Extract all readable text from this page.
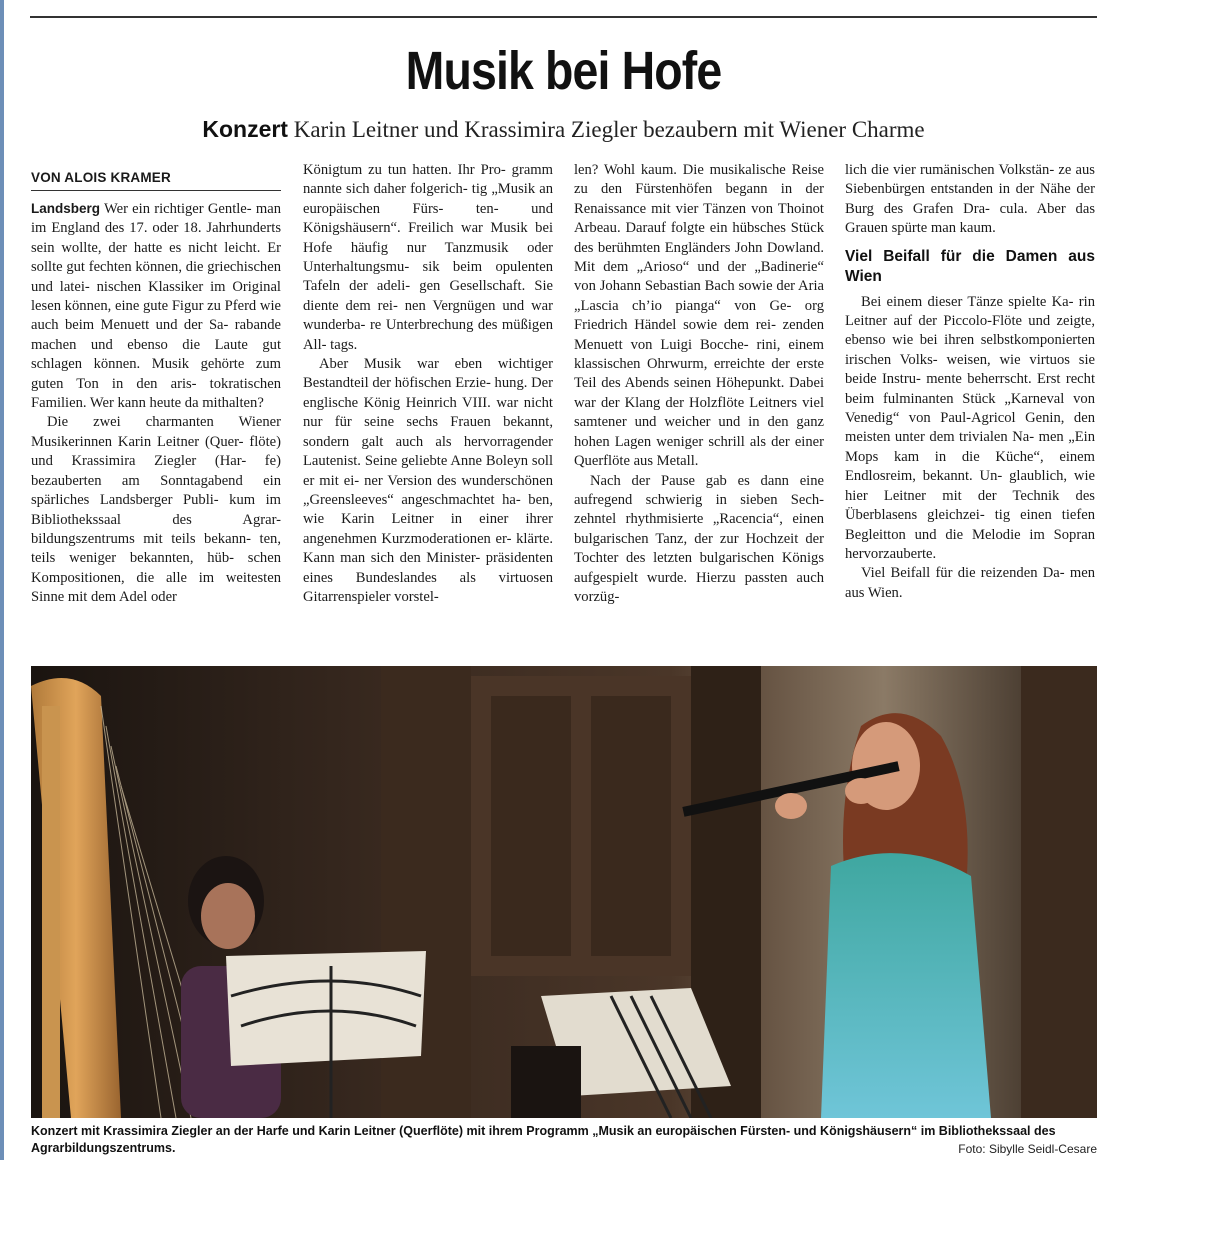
Musik bei Hofe
Konzert Karin Leitner und Krassimira Ziegler bezaubern mit Wiener Charme
VON ALOIS KRAMER

Landsberg Wer ein richtiger Gentle- man im England des 17. oder 18. Jahrhunderts sein wollte, der hatte es nicht leicht. Er sollte gut fechten können, die griechischen und latei- nischen Klassiker im Original lesen können, eine gute Figur zu Pferd wie auch beim Menuett und der Sa- rabande machen und ebenso die Laute gut schlagen können. Musik gehörte zum guten Ton in den aris- tokratischen Familien. Wer kann heute da mithalten?

Die zwei charmanten Wiener Musikerinnen Karin Leitner (Quer- flöte) und Krassimira Ziegler (Har- fe) bezauberten am Sonntagabend ein spärliches Landsberger Publi- kum im Bibliothekssaal des Agrar- bildungszentrums mit teils bekann- ten, teils weniger bekannten, hüb- schen Kompositionen, die alle im weitesten Sinne mit dem Adel oder

Königtum zu tun hatten. Ihr Pro- gramm nannte sich daher folgerich- tig „Musik an europäischen Fürs- ten- und Königshäusern“. Freilich war Musik bei Hofe häufig nur Tanzmusik oder Unterhaltungsmu- sik beim opulenten Tafeln der adeli- gen Gesellschaft. Sie diente dem rei- nen Vergnügen und war wunderba- re Unterbrechung des müßigen All- tags.

Aber Musik war eben wichtiger Bestandteil der höfischen Erzie- hung. Der englische König Heinrich VIII. war nicht nur für seine sechs Frauen bekannt, sondern galt auch als hervorragender Lautenist. Seine geliebte Anne Boleyn soll er mit ei- ner Version des wunderschönen „Greensleeves“ angeschmachtet ha- ben, wie Karin Leitner in einer ihrer angenehmen Kurzmoderationen er- klärte. Kann man sich den Minister- präsidenten eines Bundeslandes als virtuosen Gitarrenspieler vorstel-

len? Wohl kaum. Die musikalische Reise zu den Fürstenhöfen begann in der Renaissance mit vier Tänzen von Thoinot Arbeau. Darauf folgte ein hübsches Stück des berühmten Engländers John Dowland. Mit dem „Arioso“ und der „Badinerie“ von Johann Sebastian Bach sowie der Aria „Lascia ch’io pianga“ von Ge- org Friedrich Händel sowie dem rei- zenden Menuett von Luigi Bocche- rini, einem klassischen Ohrwurm, erreichte der erste Teil des Abends seinen Höhepunkt. Dabei war der Klang der Holzflöte Leitners viel samtener und weicher und in den ganz hohen Lagen weniger schrill als der einer Querflöte aus Metall.

Nach der Pause gab es dann eine aufregend schwierig in sieben Sech- zehntel rhythmisierte „Racencia“, einen bulgarischen Tanz, der zur Hochzeit der Tochter des letzten bulgarischen Königs aufgespielt wurde. Hierzu passten auch vorzüg-

lich die vier rumänischen Volkstän- ze aus Siebenbürgen entstanden in der Nähe der Burg des Grafen Dra- cula. Aber das Grauen spürte man kaum.

Viel Beifall für die Damen aus Wien

Bei einem dieser Tänze spielte Ka- rin Leitner auf der Piccolo-Flöte und zeigte, ebenso wie bei ihren selbstkomponierten irischen Volks- weisen, wie virtuos sie beide Instru- mente beherrscht. Erst recht beim fulminanten Stück „Karneval von Venedig“ von Paul-Agricol Genin, den meisten unter dem trivialen Na- men „Ein Mops kam in die Küche“, einem Endlosreim, bekannt. Un- glaublich, wie hier Leitner mit der Technik des Überblasens gleichzei- tig einen tiefen Begleitton und die Melodie im Sopran hervorzauberte.

Viel Beifall für die reizenden Da- men aus Wien.

Konzert mit Krassimira Ziegler an der Harfe und Karin Leitner (Querflöte) mit ihrem Programm „Musik an europäischen Fürsten- und Königshäusern“ im Bibliothekssaal des Agrarbildungszentrums.	Foto: Sibylle Seidl-Cesare
